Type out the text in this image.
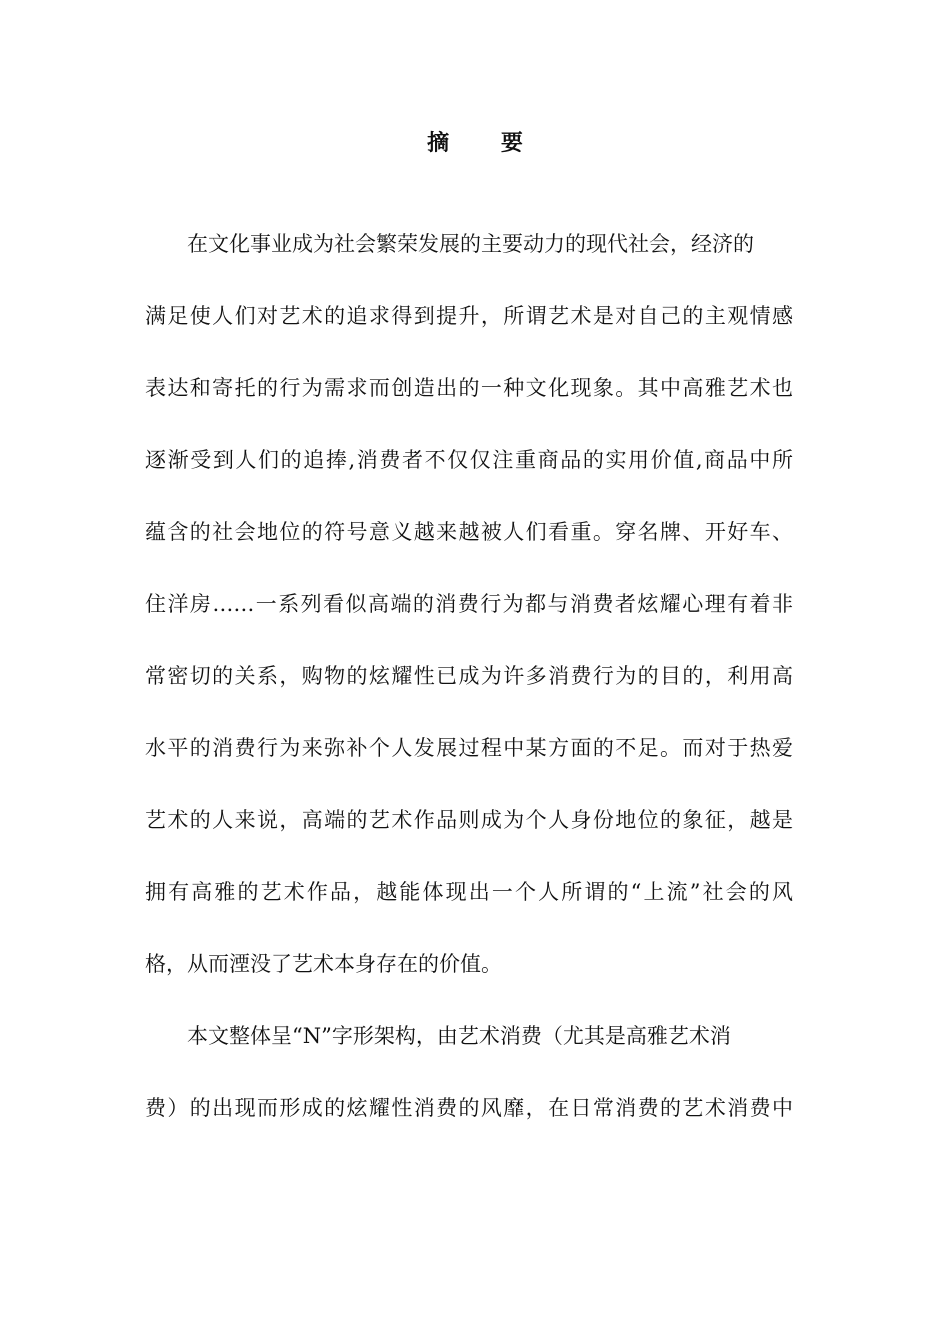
摘 要
在文化事业成为社会繁荣发展的主要动力的现代社会，经济的
满足使人们对艺术的追求得到提升，所谓艺术是对自己的主观情感
表达和寄托的行为需求而创造出的一种文化现象。其中高雅艺术也
逐渐受到人们的追捧,消费者不仅仅注重商品的实用价值,商品中所
蕴含的社会地位的符号意义越来越被人们看重。穿名牌、开好车、
住洋房……一系列看似高端的消费行为都与消费者炫耀心理有着非
常密切的关系，购物的炫耀性已成为许多消费行为的目的，利用高
水平的消费行为来弥补个人发展过程中某方面的不足。而对于热爱
艺术的人来说，高端的艺术作品则成为个人身份地位的象征，越是
拥有高雅的艺术作品，越能体现出一个人所谓的“上流”社会的风
格，从而湮没了艺术本身存在的价值。
本文整体呈“N”字形架构，由艺术消费（尤其是高雅艺术消
费）的出现而形成的炫耀性消费的风靡，在日常消费的艺术消费中
